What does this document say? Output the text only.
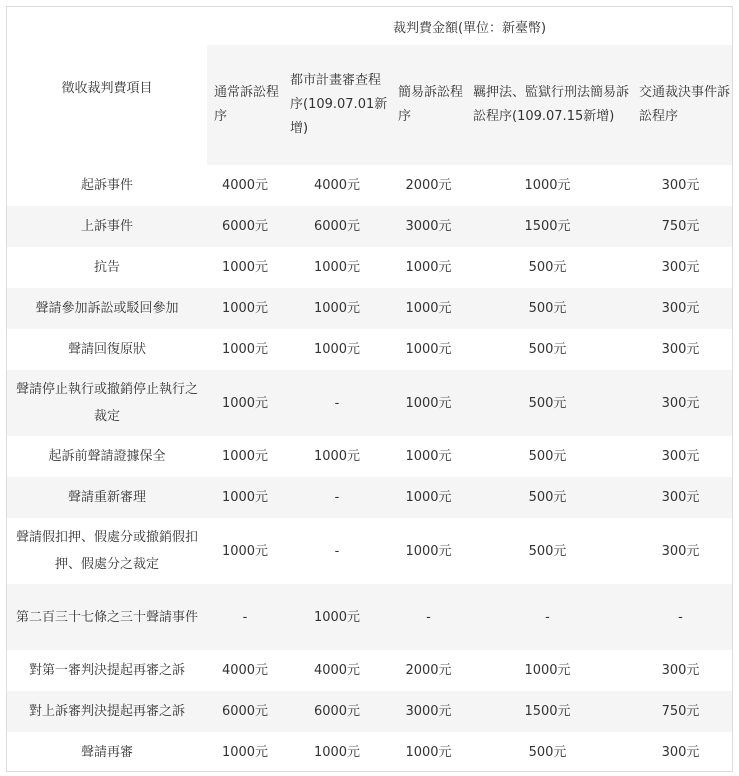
徵收裁判費項目	裁判費金額(單位：新臺幣)				
	通常訴訟程序	都市計畫審查程序(109.07.01新增)	簡易訴訟程序	羈押法、監獄行刑法簡易訴訟程序(109.07.15新增)	交通裁決事件訴訟程序
起訴事件	4000元	4000元	2000元	1000元	300元
上訴事件	6000元	6000元	3000元	1500元	750元
抗告	1000元	1000元	1000元	500元	300元
聲請參加訴訟或駁回參加	1000元	1000元	1000元	500元	300元
聲請回復原狀	1000元	1000元	1000元	500元	300元
聲請停止執行或撤銷停止執行之裁定	1000元	-	1000元	500元	300元
起訴前聲請證據保全	1000元	1000元	1000元	500元	300元
聲請重新審理	1000元	-	1000元	500元	300元
聲請假扣押、假處分或撤銷假扣押、假處分之裁定	1000元	-	1000元	500元	300元
第二百三十七條之三十聲請事件	-	1000元	-	-	-
對第一審判決提起再審之訴	4000元	4000元	2000元	1000元	300元
對上訴審判決提起再審之訴	6000元	6000元	3000元	1500元	750元
聲請再審	1000元	1000元	1000元	500元	300元
